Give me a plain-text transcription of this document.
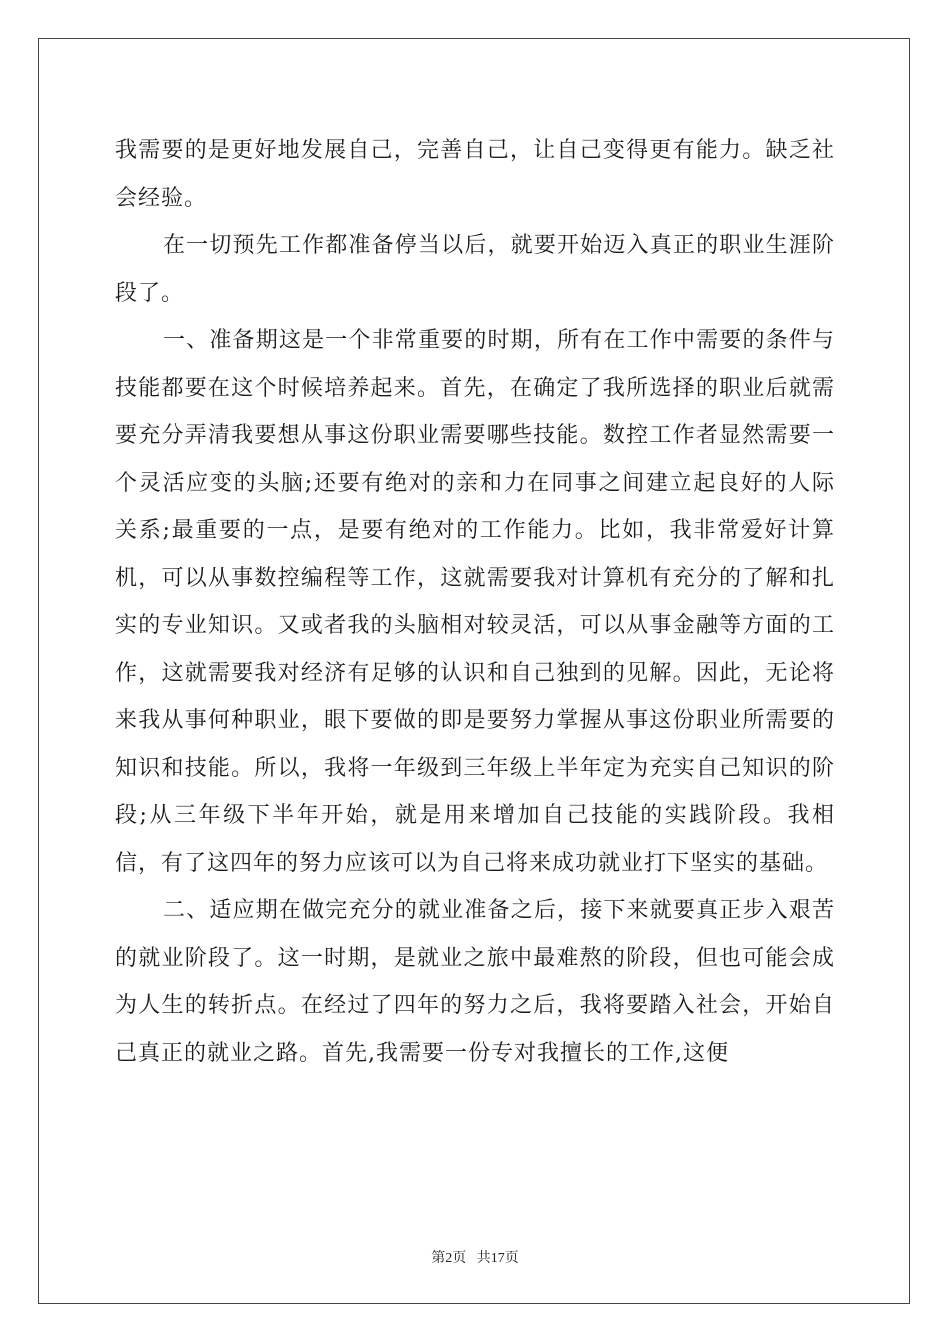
我需要的是更好地发展自己，完善自己，让自己变得更有能力。缺乏社会经验。

在一切预先工作都准备停当以后，就要开始迈入真正的职业生涯阶段了。

一、准备期这是一个非常重要的时期，所有在工作中需要的条件与技能都要在这个时候培养起来。首先，在确定了我所选择的职业后就需要充分弄清我要想从事这份职业需要哪些技能。数控工作者显然需要一个灵活应变的头脑;还要有绝对的亲和力在同事之间建立起良好的人际关系;最重要的一点，是要有绝对的工作能力。比如，我非常爱好计算机，可以从事数控编程等工作，这就需要我对计算机有充分的了解和扎实的专业知识。又或者我的头脑相对较灵活，可以从事金融等方面的工作，这就需要我对经济有足够的认识和自己独到的见解。因此，无论将来我从事何种职业，眼下要做的即是要努力掌握从事这份职业所需要的知识和技能。所以，我将一年级到三年级上半年定为充实自己知识的阶段;从三年级下半年开始，就是用来增加自己技能的实践阶段。我相信，有了这四年的努力应该可以为自己将来成功就业打下坚实的基础。

二、适应期在做完充分的就业准备之后，接下来就要真正步入艰苦的就业阶段了。这一时期，是就业之旅中最难熬的阶段，但也可能会成为人生的转折点。在经过了四年的努力之后，我将要踏入社会，开始自己真正的就业之路。首先,我需要一份专对我擅长的工作,这便

第2页   共17页
